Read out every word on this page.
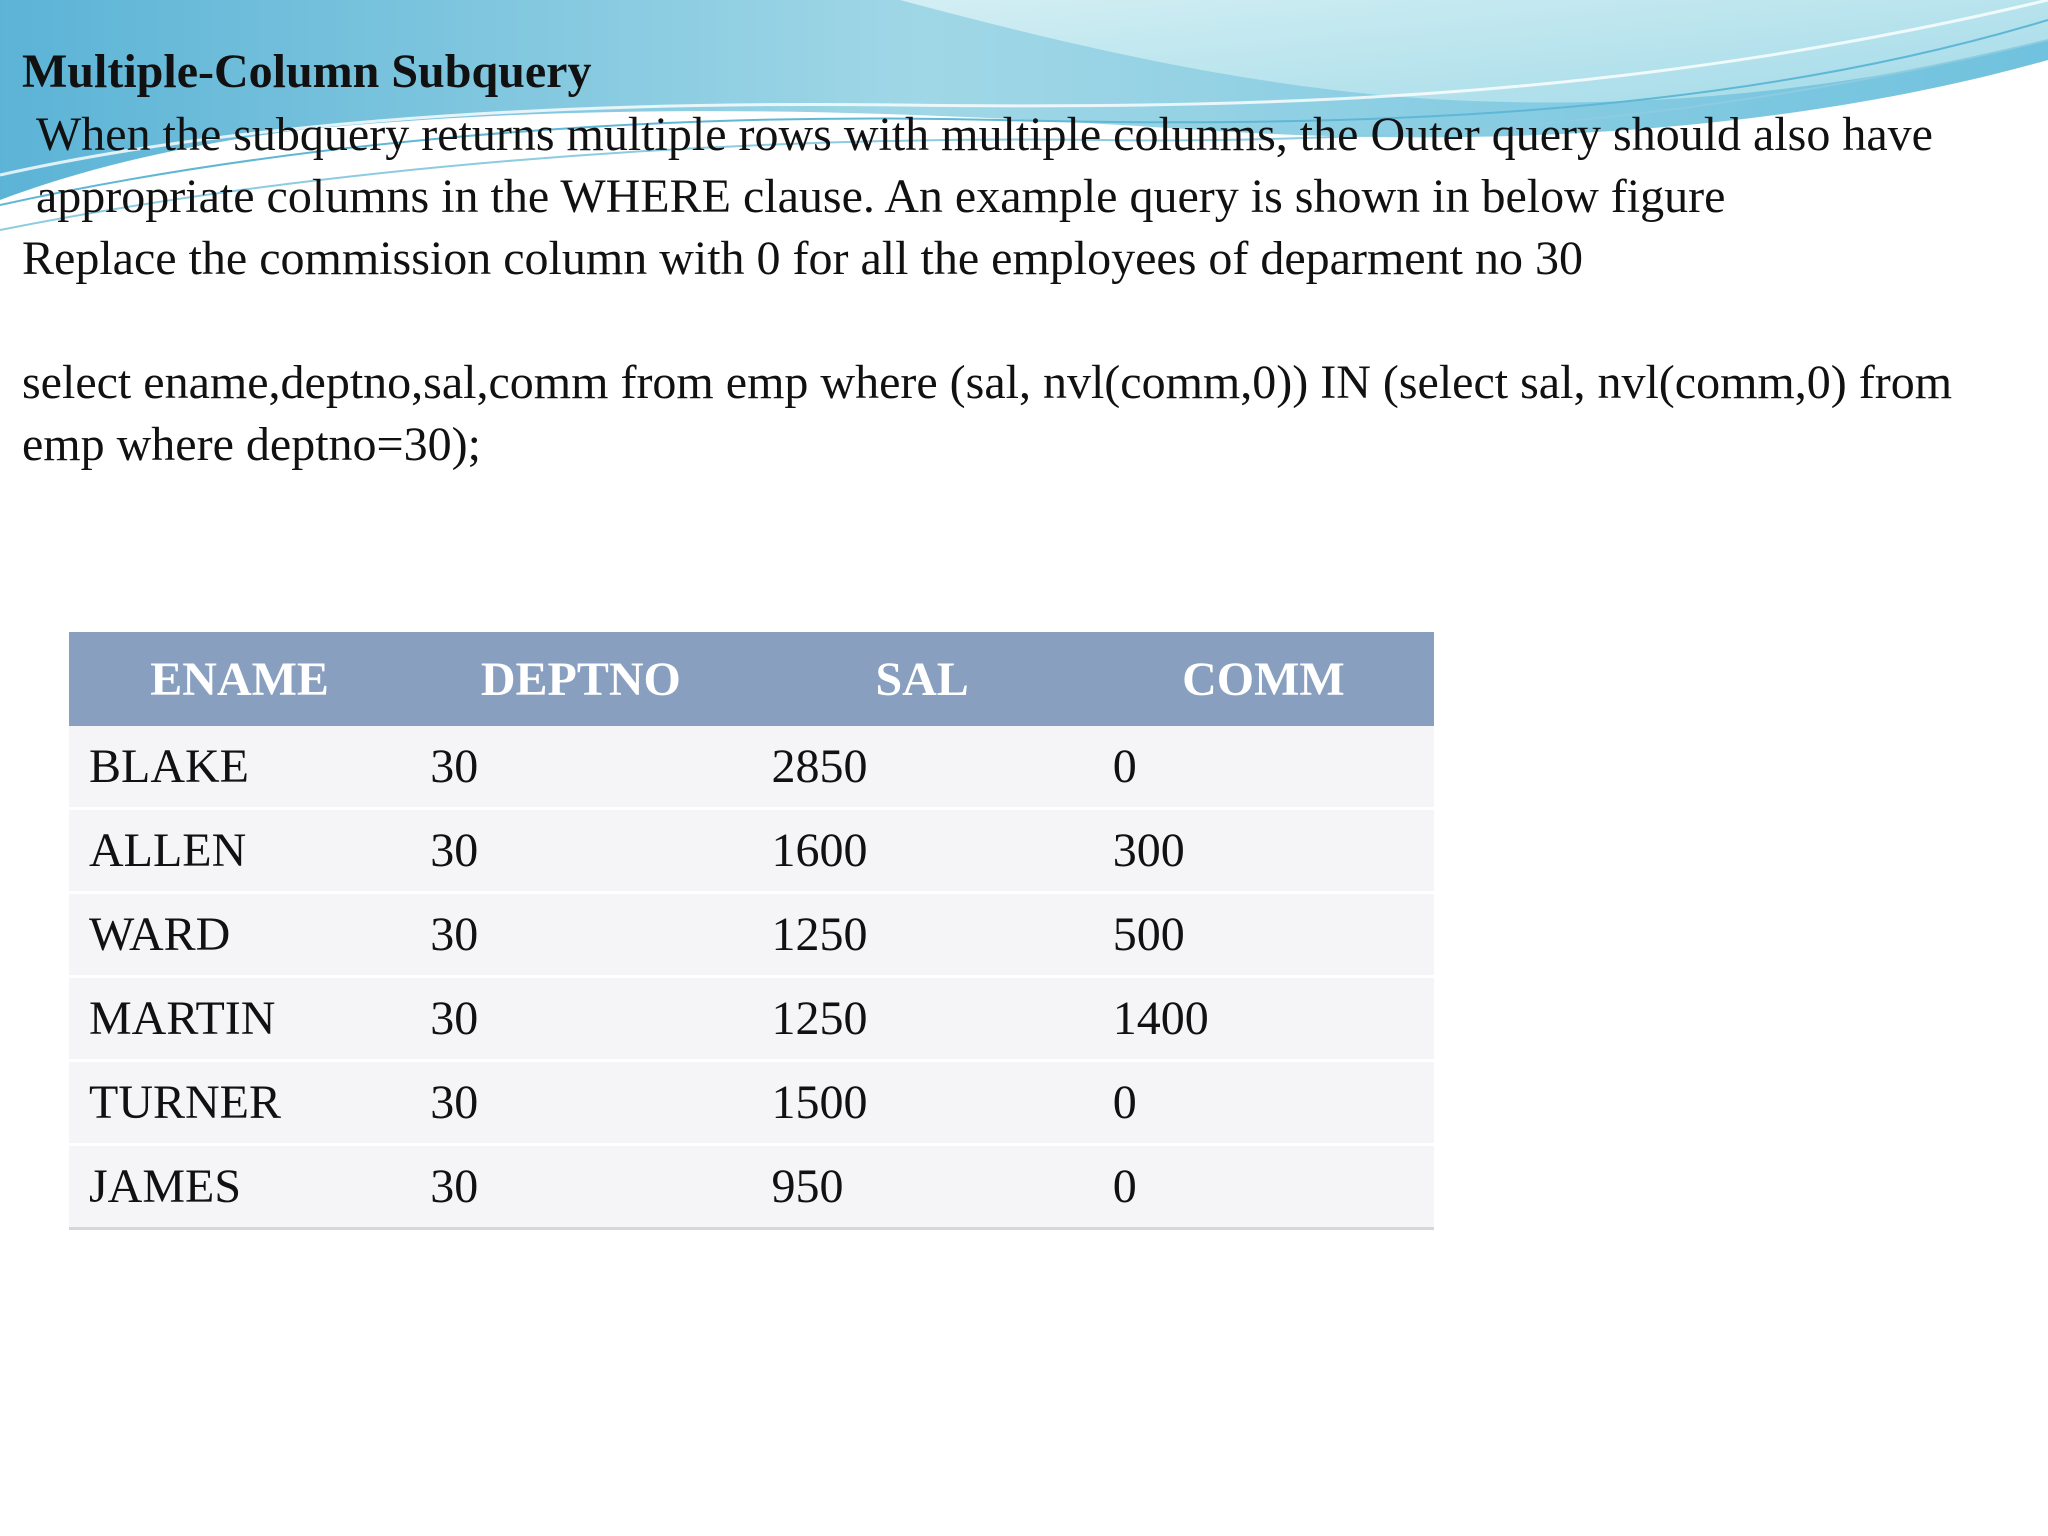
Multiple-Column Subquery

When the subquery returns multiple rows with multiple colunms, the Outer query should also have appropriate columns in the WHERE clause. An example query is shown in below figure

Replace the commission column with 0 for all the employees of deparment no 30

select ename,deptno,sal,comm from emp where (sal, nvl(comm,0)) IN (select sal, nvl(comm,0) from emp where deptno=30);

ENAME	DEPTNO	SAL	COMM
BLAKE	30	2850	0
ALLEN	30	1600	300
WARD	30	1250	500
MARTIN	30	1250	1400
TURNER	30	1500	0
JAMES	30	950	0
